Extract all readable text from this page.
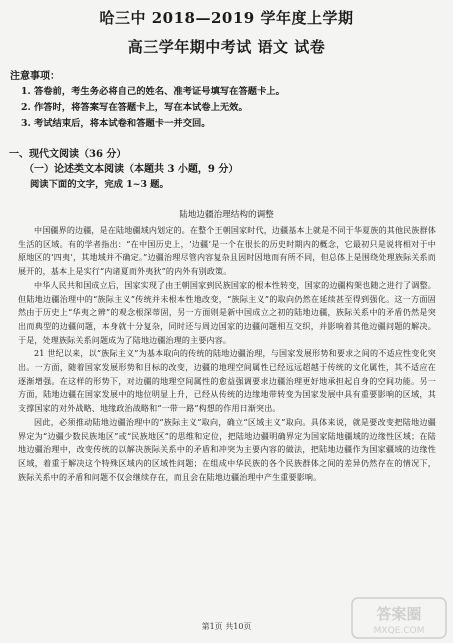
哈三中 2018—2019 学年度上学期
高三学年期中考试 语文 试卷
注意事项：
1. 答卷前，考生务必将自己的姓名、准考证号填写在答题卡上。
2. 作答时，将答案写在答题卡上，写在本试卷上无效。
3. 考试结束后，将本试卷和答题卡一并交回。
一、现代文阅读（36 分）
（一）论述类文本阅读（本题共 3 小题，9 分）
阅读下面的文字，完成 1~3 题。
陆地边疆治理结构的调整

中国疆界的边疆，是在陆地疆域内划定的。在整个王朝国家时代，边疆基本上就是不同于华夏族的其他民族群体生活的区域。有的学者指出：“在中国历史上，‘边疆’是一个在很长的历史时期内的概念，它最初只是说将相对于中原地区的‘四夷’，其地域并不确定。”边疆治理尽管内容复杂且因时因地而有所不同，但总体上是围绕处理族际关系而展开的，基本上是实行“内诸夏而外夷狄”的内外有别政策。

中华人民共和国成立后，国家实现了由王朝国家到民族国家的根本性转变，国家的边疆构架也随之进行了调整。但陆地边疆治理中的“族际主义”传统并未根本性地改变，“族际主义”的取向仍然在延续甚至得到强化。这一方面固然由于历史上“华夷之辨”的观念根深蒂固，另一方面则是新中国成立之初的陆地边疆，族际关系中的矛盾仍然是突出而典型的边疆问题，本身就十分复杂，同时还与周边国家的边疆问题相互交织，并影响着其他边疆问题的解决。于是，处理族际关系问题成为了陆地边疆治理的主要内容。

21 世纪以来，以“族际主义”为基本取向的传统的陆地边疆治理，与国家发展形势和要求之间的不适应性变化突出。一方面，随着国家发展形势和目标的改变，边疆的地理空间属性已经远远超越于传统的文化属性，其不适应在逐渐增强。在这样的形势下，对边疆的地理空间属性的愈益强调要求边疆治理更好地承担起自身的空间功能。另一方面，陆地边疆在国家发展中的地位明显上升，已经从传统的边缘地带转变为国家发展中具有重要影响的区域，其支撑国家的对外战略、地缘政治战略和“一带一路”构想的作用日渐突出。

因此，必须推动陆地边疆治理中的“族际主义”取向，确立“区域主义”取向。具体来说，就是要改变把陆地边疆界定为“边疆少数民族地区”或“民族地区”的思维和定位，把陆地边疆明确界定为国家陆地疆域的边缘性区域；在陆地边疆治理中，改变传统的以解决族际关系中的矛盾和冲突为主要内容的做法，把陆地边疆作为国家疆域的边缘性区域，着重于解决这个特殊区域内的区域性问题；在组成中华民族的各个民族群体之间的差异仍然存在的情况下，族际关系中的矛盾和问题不仅会继续存在，而且会在陆地边疆治理中产生重要影响。

第1页 共10页
答案圈
MXQE.COM
